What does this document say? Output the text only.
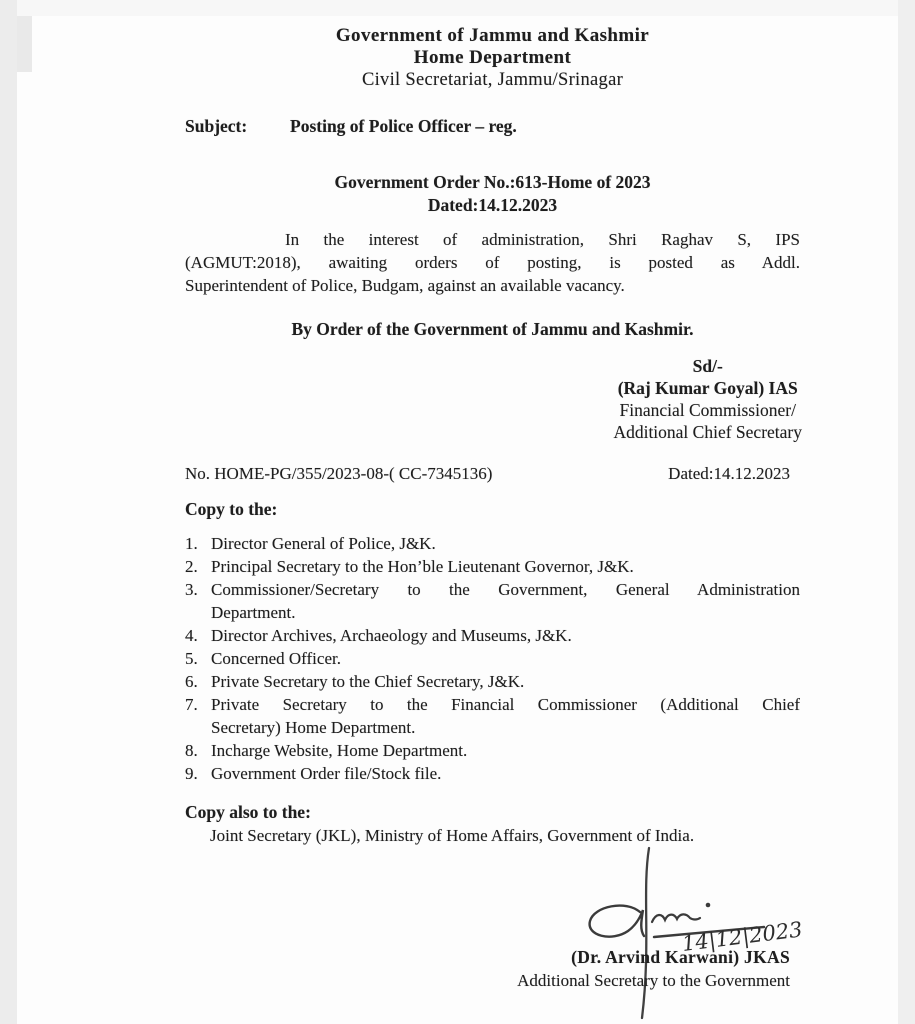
Government of Jammu and Kashmir
Home Department
Civil Secretariat, Jammu/Srinagar
Subject:	Posting of Police Officer – reg.
Government Order No.:613-Home of 2023
Dated:14.12.2023
In the interest of administration, Shri Raghav S, IPS
(AGMUT:2018), awaiting orders of posting, is posted as Addl.
Superintendent of Police, Budgam, against an available vacancy.
By Order of the Government of Jammu and Kashmir.
Sd/-
(Raj Kumar Goyal) IAS
Financial Commissioner/
Additional Chief Secretary
No. HOME-PG/355/2023-08-( CC-7345136)	Dated:14.12.2023
Copy to the:
1. Director General of Police, J&K.
2. Principal Secretary to the Hon’ble Lieutenant Governor, J&K.
3. Commissioner/Secretary to the Government, General Administration
Department.
4. Director Archives, Archaeology and Museums, J&K.
5. Concerned Officer.
6. Private Secretary to the Chief Secretary, J&K.
7. Private Secretary to the Financial Commissioner (Additional Chief
Secretary) Home Department.
8. Incharge Website, Home Department.
9. Government Order file/Stock file.
Copy also to the:
Joint Secretary (JKL), Ministry of Home Affairs, Government of India.
14|12|2023
(Dr. Arvind Karwani) JKAS
Additional Secretary to the Government
